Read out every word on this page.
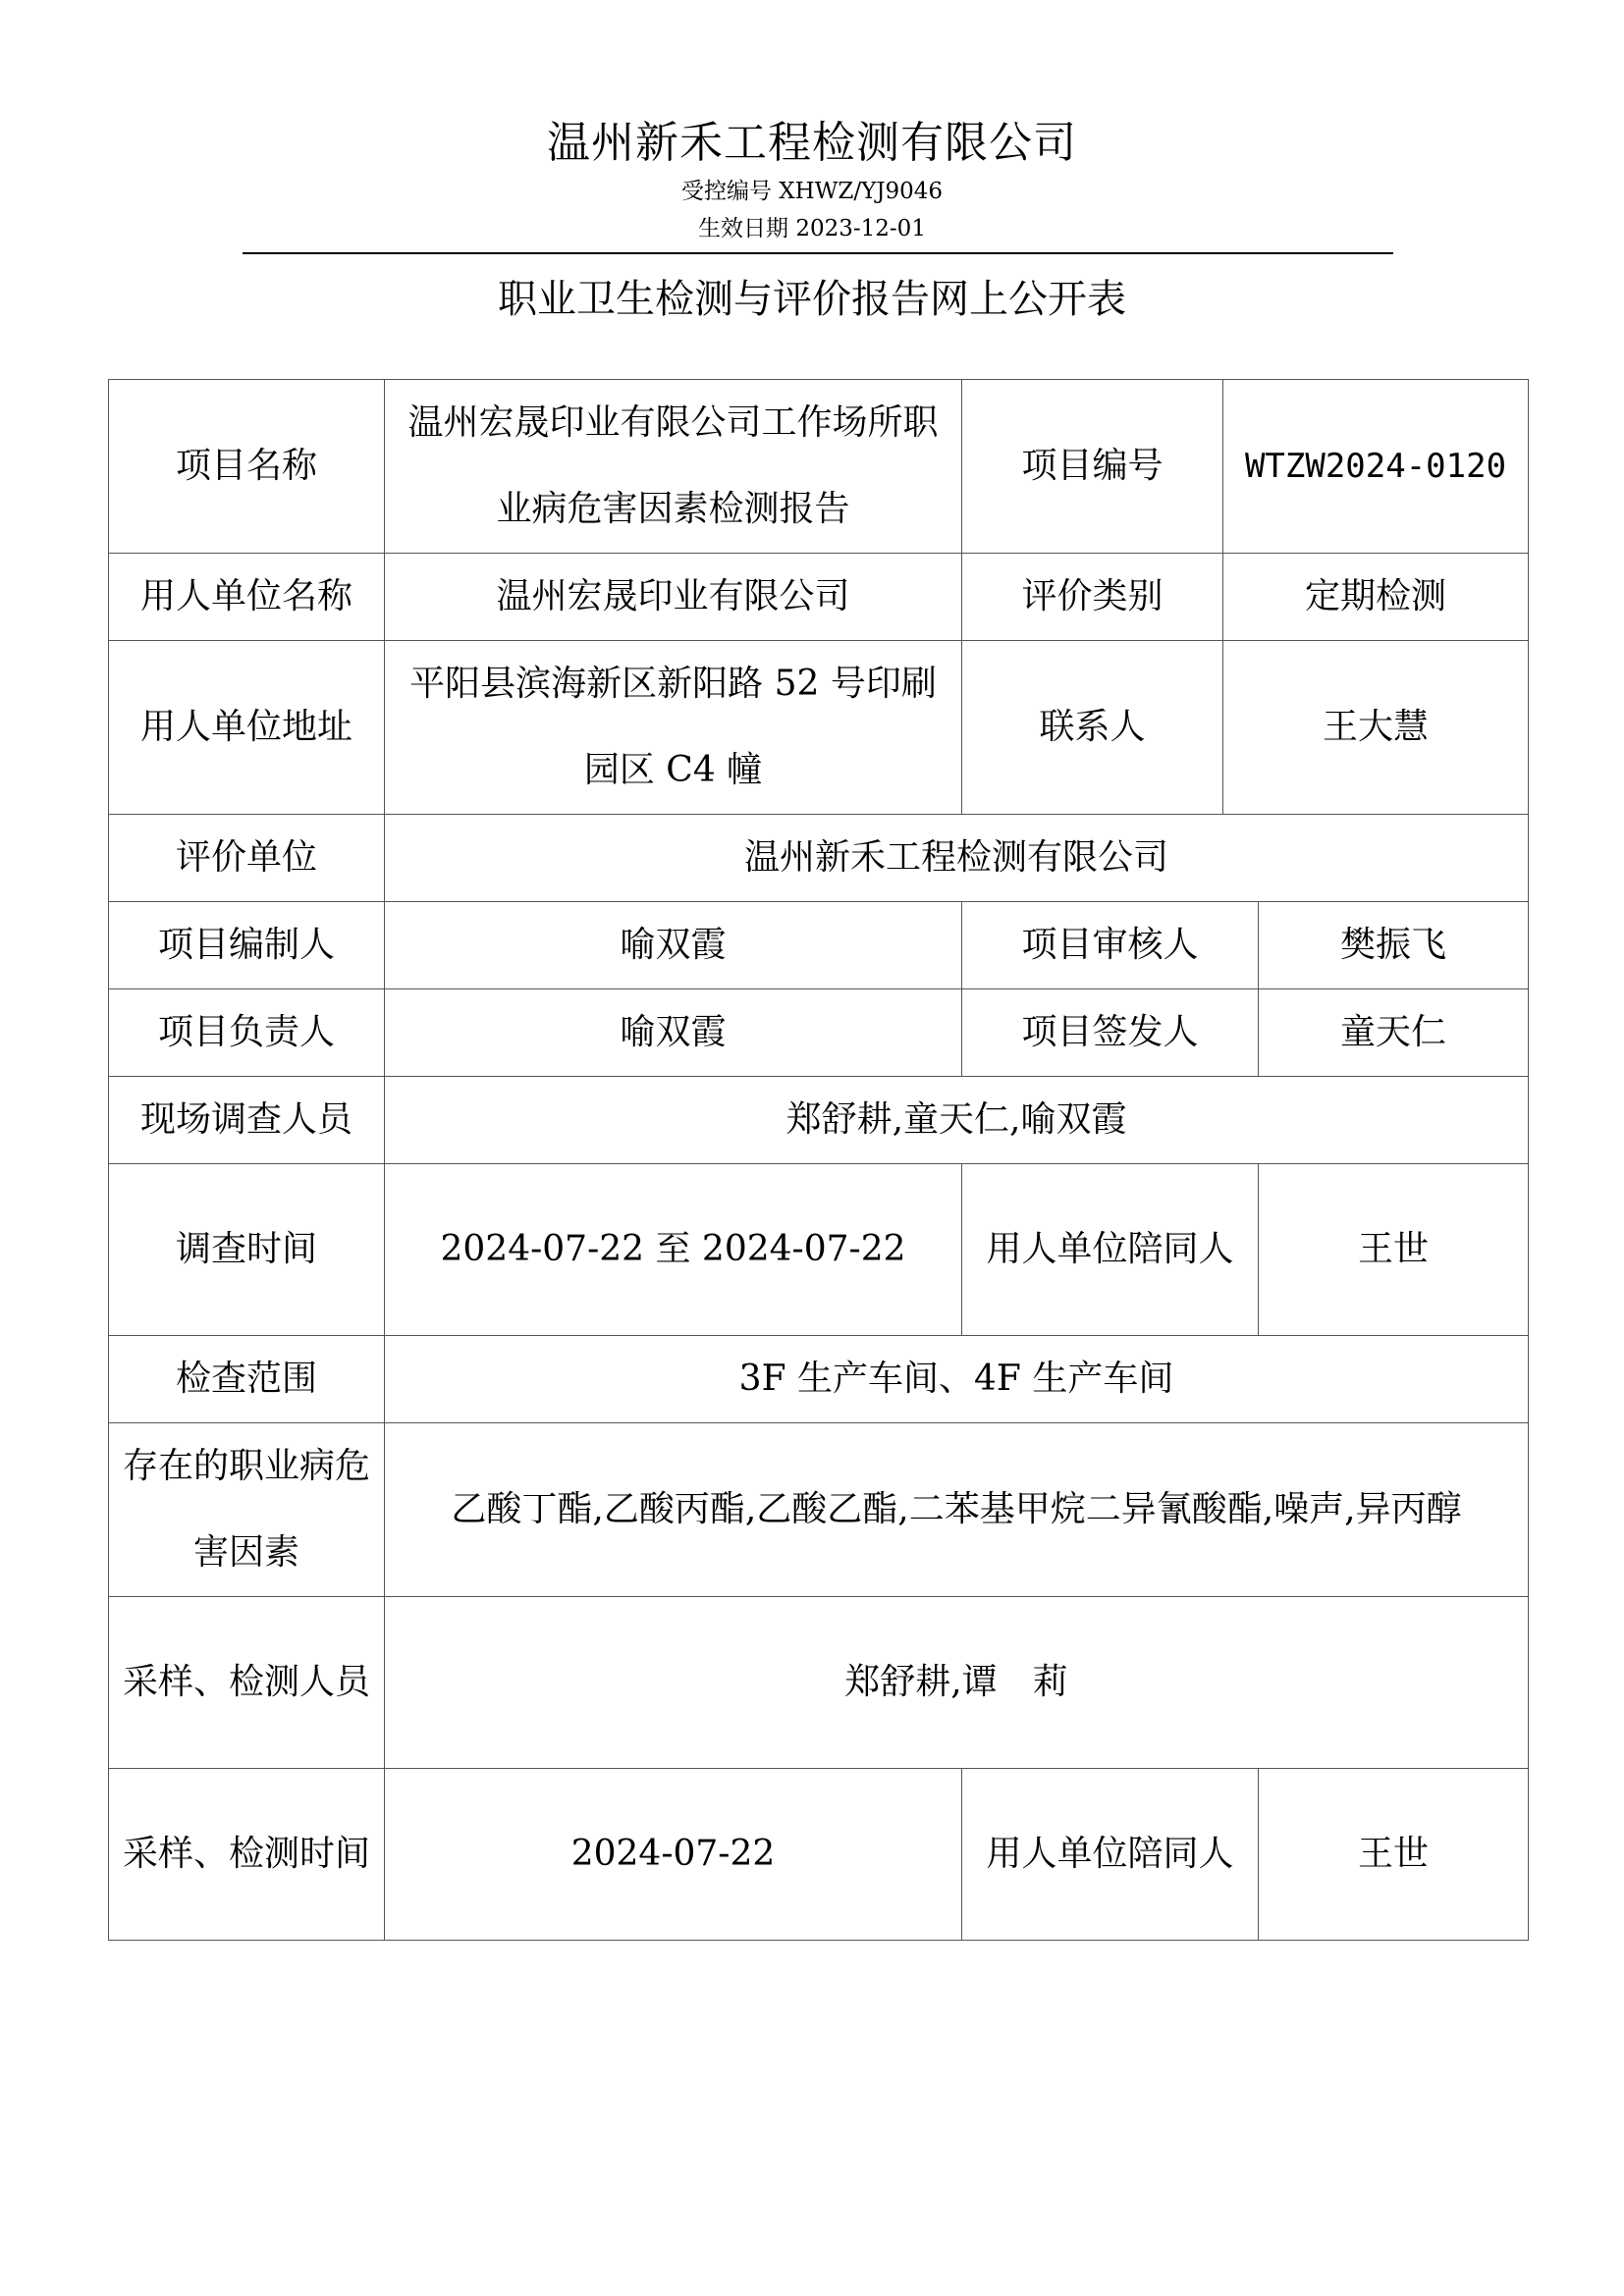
温州新禾工程检测有限公司
受控编号 XHWZ/YJ9046
生效日期 2023-12-01
职业卫生检测与评价报告网上公开表
项目名称	温州宏晟印业有限公司工作场所职业病危害因素检测报告	项目编号	WTZW2024-0120	
用人单位名称	温州宏晟印业有限公司	评价类别	定期检测	
用人单位地址	平阳县滨海新区新阳路 52 号印刷园区 C4 幢	联系人	王大慧	
评价单位	温州新禾工程检测有限公司			
项目编制人	喻双霞	项目审核人		樊振飞
项目负责人	喻双霞	项目签发人		童天仁
现场调查人员	郑舒耕,童天仁,喻双霞			
调查时间	2024-07-22 至 2024-07-22	用人单位陪同人		王世
检查范围	3F 生产车间、4F 生产车间			
存在的职业病危害因素	乙酸丁酯,乙酸丙酯,乙酸乙酯,二苯基甲烷二异氰酸酯,噪声,异丙醇			
采样、检测人员	郑舒耕,谭　莉			
采样、检测时间	2024-07-22	用人单位陪同人		王世
